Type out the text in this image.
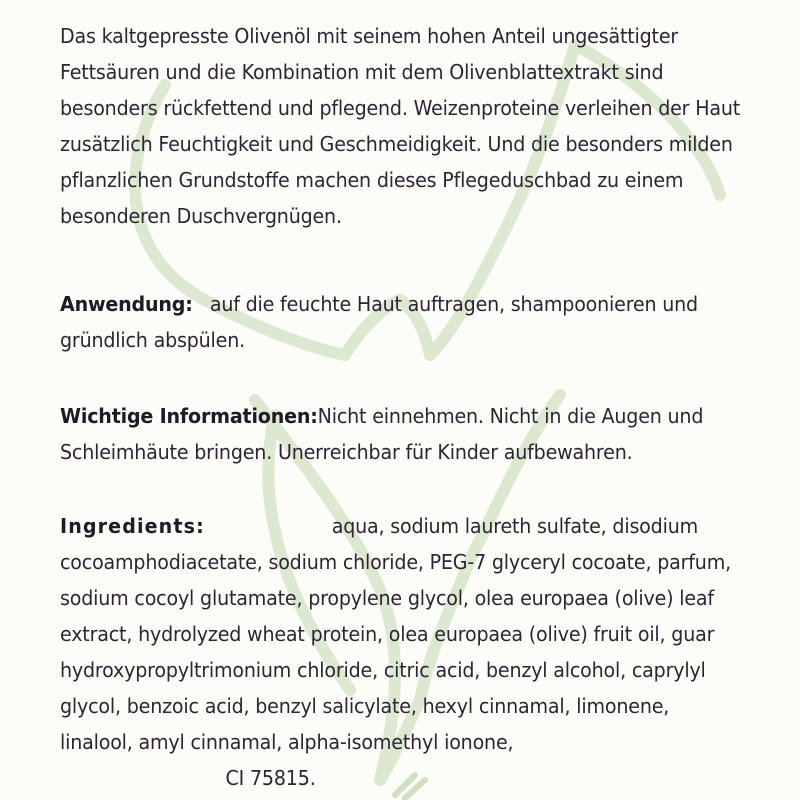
Das kaltgepresste Olivenöl mit seinem hohen Anteil ungesättigter
Fettsäuren und die Kombination mit dem Olivenblattextrakt sind
besonders rückfettend und pflegend. Weizenproteine verleihen der Haut
zusätzlich Feuchtigkeit und Geschmeidigkeit. Und die besonders milden
pflanzlichen Grundstoffe machen dieses Pflegeduschbad zu einem
besonderen Duschvergnügen.
Anwendung: auf die feuchte Haut auftragen, shampoonieren und
gründlich abspülen.
Wichtige Informationen: Nicht einnehmen. Nicht in die Augen und
Schleimhäute bringen. Unerreichbar für Kinder aufbewahren.
Ingredients:	aqua, sodium laureth sulfate, disodium
cocoamphodiacetate, sodium chloride, PEG-7 glyceryl cocoate, parfum,
sodium cocoyl glutamate, propylene glycol, olea europaea (olive) leaf
extract, hydrolyzed wheat protein, olea europaea (olive) fruit oil, guar
hydroxypropyltrimonium chloride, citric acid, benzyl alcohol, caprylyl
glycol, benzoic acid, benzyl salicylate, hexyl cinnamal, limonene,
linalool, amyl cinnamal, alpha-isomethyl ionone,
CI 75815.
